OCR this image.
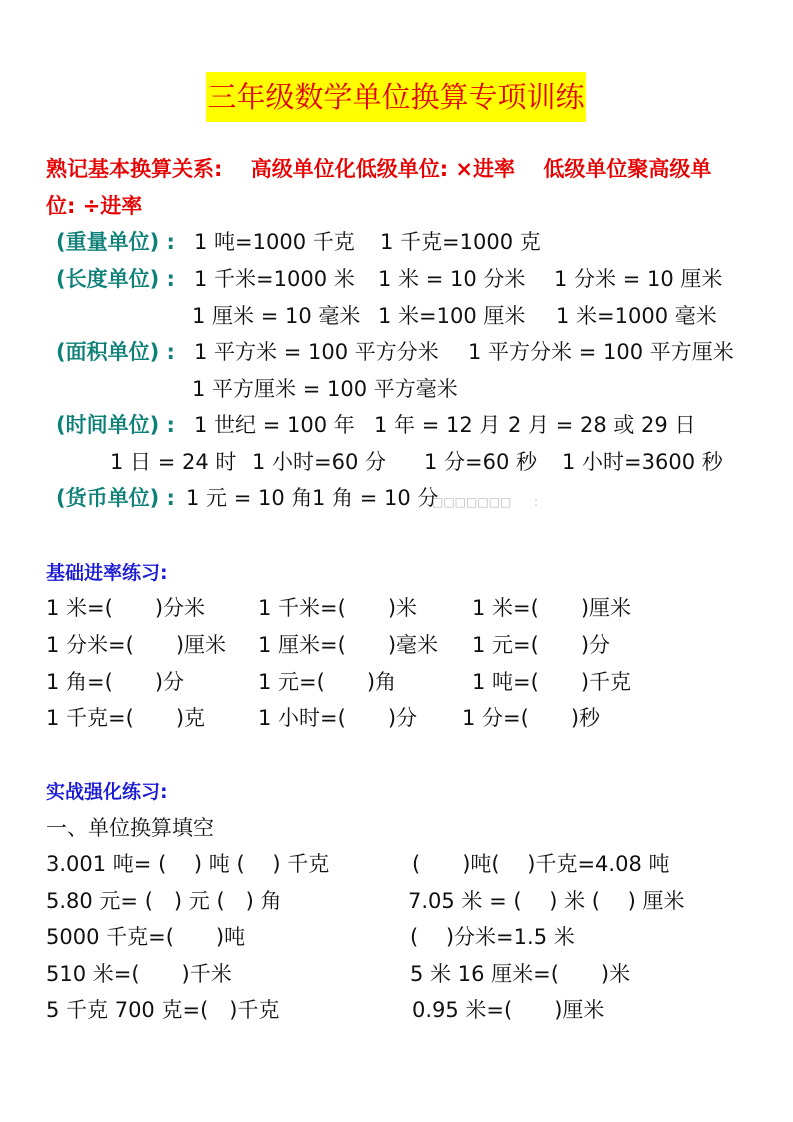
三年级数学单位换算专项训练
熟记基本换算关系:　 高级单位化低级单位: ×进率　 低级单位聚高级单
位: ÷进率
(重量单位) : 1 吨=1000 千克 1 千克=1000 克
(长度单位) : 1 千米=1000 米 1 米 = 10 分米 1 分米 = 10 厘米
1 厘米 = 10 毫米 1 米=100 厘米 1 米=1000 毫米
(面积单位) : 1 平方米 = 100 平方分米 1 平方分米 = 100 平方厘米
1 平方厘米 = 100 平方毫米
(时间单位) : 1 世纪 = 100 年 1 年 = 12 月 2 月 = 28 或 29 日
1 日 = 24 时 1 小时=60 分 1 分=60 秒 1 小时=3600 秒
(货币单位) : 1 元 = 10 角 1 角 = 10 分
□□□□□□□ :
基础进率练习:
1 米=(　　)分米	1 千米=(　　)米	1 米=(　　)厘米
1 分米=(　　)厘米 1 厘米=(　　)毫米 1 元=(　　)分
1 角=(　　)分	1 元=(　　)角	1 吨=(　　)千克
1 千克=(　　)克	1 小时=(　　)分 1 分=(　　)秒
实战强化练习:
一、单位换算填空
3.001 吨= (　 ) 吨 (　 ) 千克	(　　)吨(　 )千克=4.08 吨
5.80 元= (　) 元 (　) 角	7.05 米 = (　 ) 米 (　 ) 厘米
5000 千克=(　　)吨	(　 )分米=1.5 米
510 米=(　　)千米	5 米 16 厘米=(　　)米
5 千克 700 克=(　)千克	0.95 米=(　　)厘米
